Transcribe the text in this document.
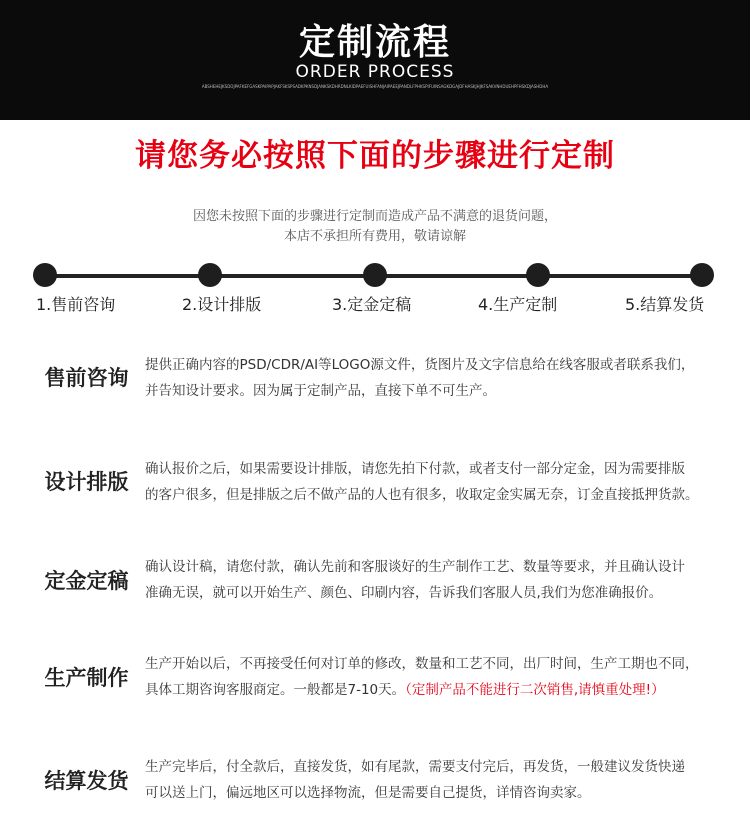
定制流程
ORDER PROCESS
ABSHEHEJKSDOJPAFKEFGASKPAIPAPJAKFSKSPSADKPKNSDJANKSKDHRDNLKIDPAEFUISHFANJAIPAEEJPANDLFPHKSPIFUINSAGKDGAJDFHASKJHJKFSAKVNHDUEHPFHSKDJASHDHA
请您务必按照下面的步骤进行定制
因您未按照下面的步骤进行定制而造成产品不满意的退货问题，
本店不承担所有费用，敬请谅解
1.售前咨询	2.设计排版	3.定金定稿	4.生产定制	5.结算发货
售前咨询
提供正确内容的PSD/CDR/AI等LOGO源文件，货图片及文字信息给在线客服或者联系我们，
并告知设计要求。因为属于定制产品，直接下单不可生产。
设计排版
确认报价之后，如果需要设计排版，请您先拍下付款，或者支付一部分定金，因为需要排版
的客户很多，但是排版之后不做产品的人也有很多，收取定金实属无奈，订金直接抵押货款。
定金定稿
确认设计稿，请您付款，确认先前和客服谈好的生产制作工艺、数量等要求，并且确认设计
准确无误，就可以开始生产、颜色、印刷内容，告诉我们客服人员,我们为您准确报价。
生产制作
生产开始以后，不再接受任何对订单的修改，数量和工艺不同，出厂时间，生产工期也不同，
具体工期咨询客服商定。一般都是7-10天。（定制产品不能进行二次销售,请慎重处理!）
结算发货
生产完毕后，付全款后，直接发货，如有尾款，需要支付完后，再发货，一般建议发货快递
可以送上门，偏远地区可以选择物流，但是需要自己提货，详情咨询卖家。
